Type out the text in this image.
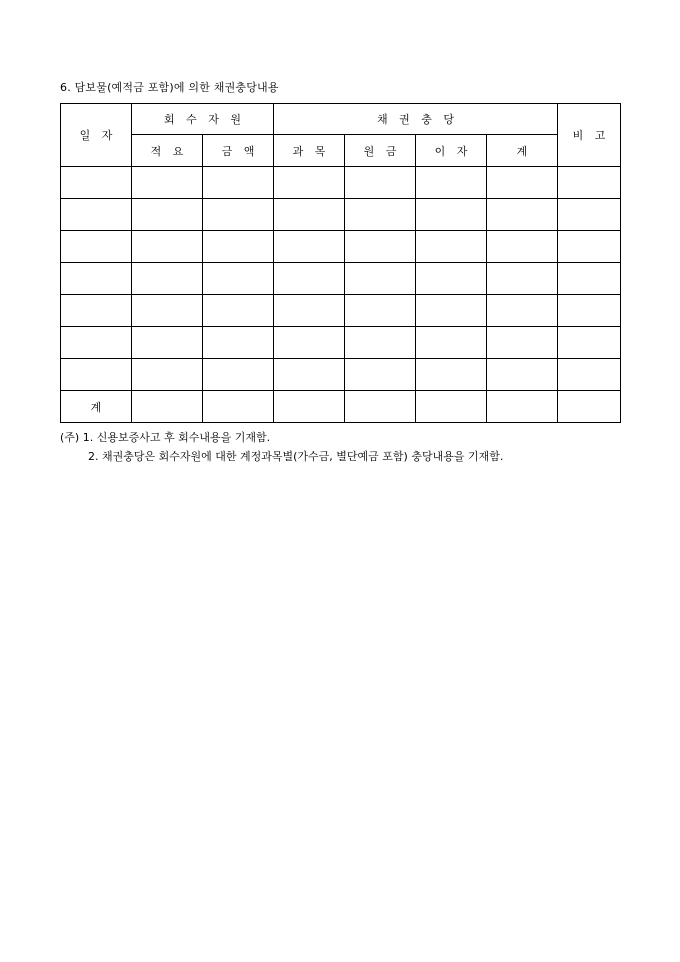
6. 담보물(예적금 포함)에 의한 채권충당내용
일 자	회 수 자 원		채 권 충 당				비 고
	적 요	금 액	과 목	원 금	이 자	계	

계							
(주) 1. 신용보증사고 후 회수내용을 기재함.
2. 채권충당은 회수자원에 대한 계정과목별(가수금, 별단예금 포함) 충당내용을 기재함.
